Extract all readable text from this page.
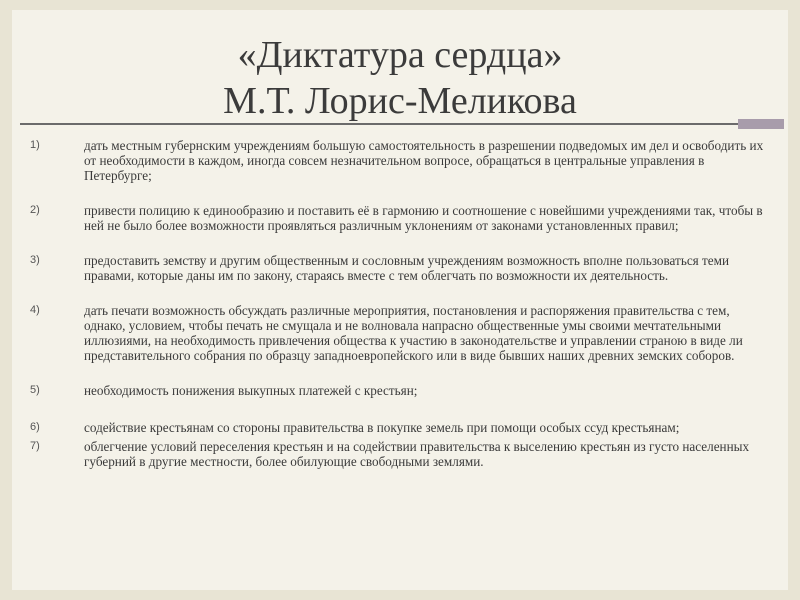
«Диктатура сердца»
М.Т. Лорис-Меликова
1)	дать местным губернским учреждениям большую самостоятельность в разрешении подведомых им дел и освободить их от необходимости в каждом, иногда совсем незначительном вопросе, обращаться в центральные управления в Петербурге;
2)	привести полицию к единообразию и поставить её в гармонию и соотношение с новейшими учреждениями так, чтобы в ней не было более возможности проявляться различным уклонениям от законами установленных правил;
3)	предоставить земству и другим общественным и сословным учреждениям возможность вполне пользоваться теми правами, которые даны им по закону, стараясь вместе с тем облегчать по возможности их деятельность.
4)	дать печати возможность обсуждать различные мероприятия, постановления и распоряжения правительства с тем, однако, условием, чтобы печать не смущала и не волновала напрасно общественные умы своими мечтательными иллюзиями, на необходимость привлечения общества к участию в законодательстве и управлении страною в виде ли представительного собрания по образцу западноевропейского или в виде бывших наших древних земских соборов.
5)	необходимость понижения выкупных платежей с крестьян;
6)	содействие крестьянам со стороны правительства в покупке земель при помощи особых ссуд крестьянам;
7)	облегчение условий переселения крестьян и на содействии правительства к выселению крестьян из густо населенных губерний в другие местности, более обилующие свободными землями.
